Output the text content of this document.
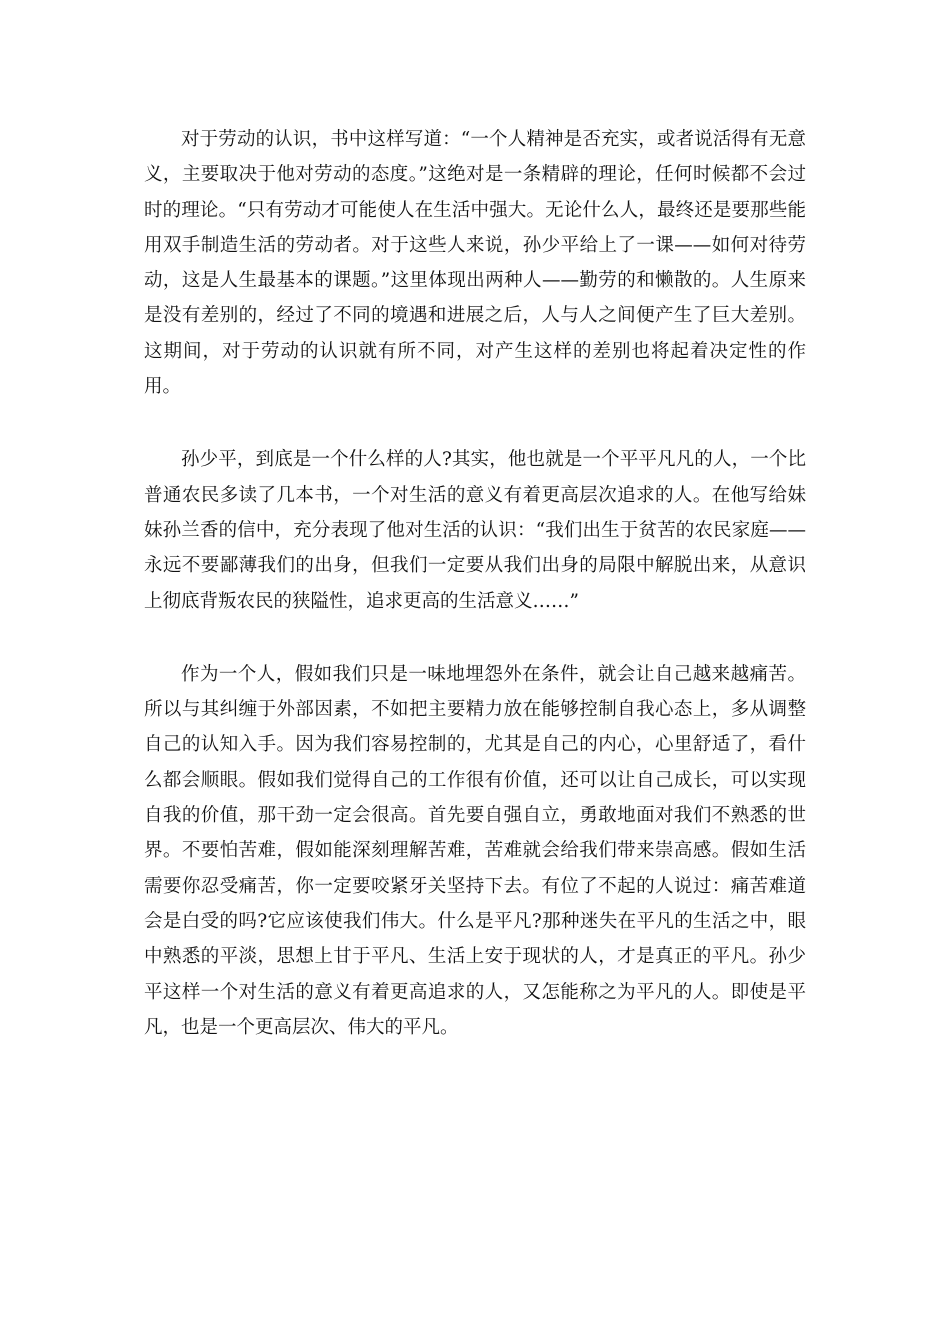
对于劳动的认识，书中这样写道：“一个人精神是否充实，或者说活得有无意义，主要取决于他对劳动的态度。”这绝对是一条精辟的理论，任何时候都不会过时的理论。“只有劳动才可能使人在生活中强大。无论什么人，最终还是要那些能用双手制造生活的劳动者。对于这些人来说，孙少平给上了一课——如何对待劳动，这是人生最基本的课题。”这里体现出两种人——勤劳的和懒散的。人生原来是没有差别的，经过了不同的境遇和进展之后，人与人之间便产生了巨大差别。这期间，对于劳动的认识就有所不同，对产生这样的差别也将起着决定性的作用。

孙少平，到底是一个什么样的人?其实，他也就是一个平平凡凡的人，一个比普通农民多读了几本书，一个对生活的意义有着更高层次追求的人。在他写给妹妹孙兰香的信中，充分表现了他对生活的认识：“我们出生于贫苦的农民家庭——永远不要鄙薄我们的出身，但我们一定要从我们出身的局限中解脱出来，从意识上彻底背叛农民的狭隘性，追求更高的生活意义……”

作为一个人，假如我们只是一味地埋怨外在条件，就会让自己越来越痛苦。所以与其纠缠于外部因素，不如把主要精力放在能够控制自我心态上，多从调整自己的认知入手。因为我们容易控制的，尤其是自己的内心，心里舒适了，看什么都会顺眼。假如我们觉得自己的工作很有价值，还可以让自己成长，可以实现自我的价值，那干劲一定会很高。首先要自强自立，勇敢地面对我们不熟悉的世界。不要怕苦难，假如能深刻理解苦难，苦难就会给我们带来崇高感。假如生活需要你忍受痛苦，你一定要咬紧牙关坚持下去。有位了不起的人说过：痛苦难道会是白受的吗?它应该使我们伟大。什么是平凡?那种迷失在平凡的生活之中，眼中熟悉的平淡，思想上甘于平凡、生活上安于现状的人，才是真正的平凡。孙少平这样一个对生活的意义有着更高追求的人，又怎能称之为平凡的人。即使是平凡，也是一个更高层次、伟大的平凡。
